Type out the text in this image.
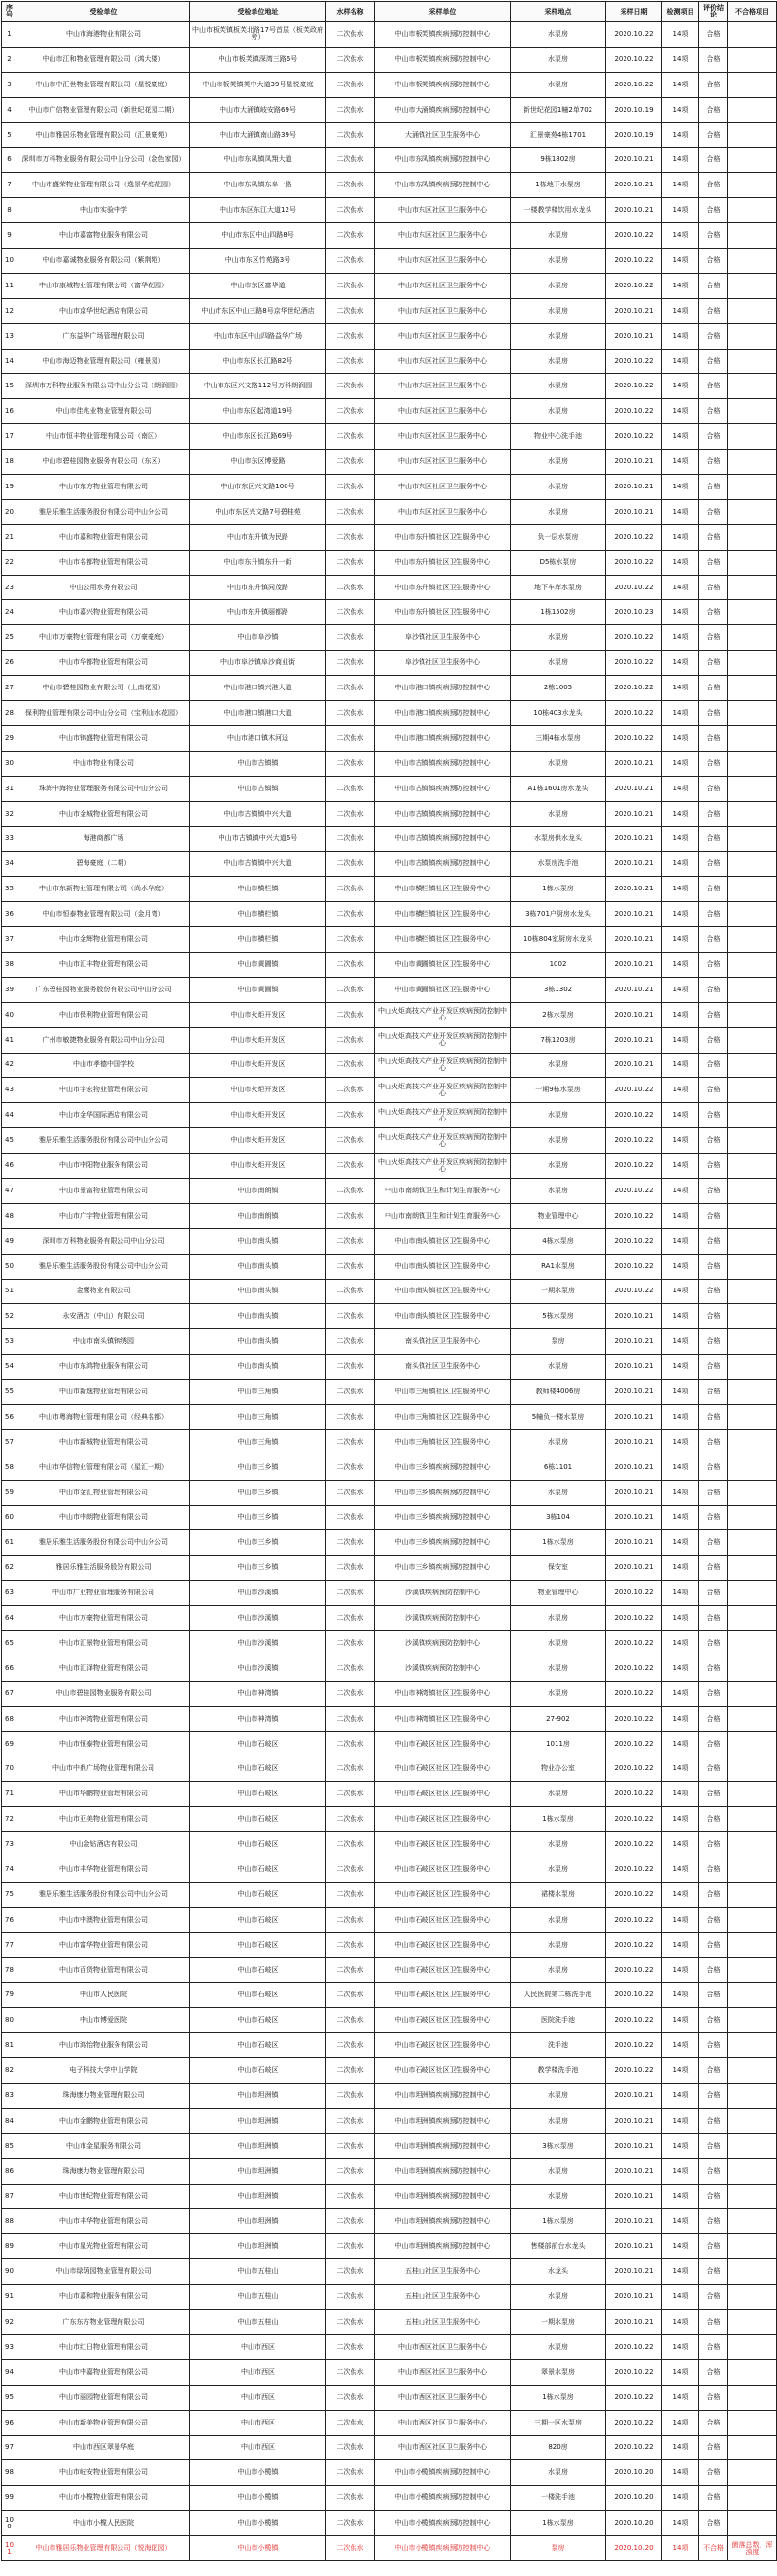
序号	受检单位	受检单位地址	水样名称	采样单位	采样地点	采样日期	检测项目	评价结论	不合格项目
1	中山市海港物业有限公司	中山市板芙镇板芙北路17号首层（板芙政府旁）	二次供水	中山市板芙镇疾病预防控制中心	水泵房	2020.10.22	14项	合格	
2	中山市江和物业管理有限公司（鸿大楼）	中山市板芙镇深湾三路6号	二次供水	中山市板芙镇疾病预防控制中心	水泵房	2020.10.22	14项	合格	
3	中山市中汇世物业管理有限公司（星悦豪庭）	中山市板芙镇芙中大道39号星悦豪庭	二次供水	中山市板芙镇疾病预防控制中心	水泵房	2020.10.22	14项	合格	
4	中山市广信物业管理有限公司（新世纪花园二期）	中山市大涌镇岐安路69号	二次供水	中山市大涌镇疾病预防控制中心	新世纪花园1幢2单702	2020.10.19	14项	合格	
5	中山市雅居乐物业管理有限公司（汇景豪苑）	中山市大涌镇南山路39号	二次供水	大涌镇社区卫生服务中心	汇景豪苑4栋1701	2020.10.19	14项	合格	
6	深圳市万科物业服务有限公司中山分公司（金色家园）	中山市东凤镇凤翔大道	二次供水	中山市东凤镇疾病预防控制中心	9栋1802房	2020.10.21	14项	合格	
7	中山市盛荣物业管理有限公司（逸景华庭花园）	中山市东凤镇东阜一路	二次供水	中山市东凤镇疾病预防控制中心	1栋地下水泵房	2020.10.21	14项	合格	
8	中山市实验中学	中山市东区东江大道12号	二次供水	中山市东区社区卫生服务中心	一楼教学楼饮用水龙头	2020.10.21	14项	合格	
9	中山市嘉富物业服务有限公司	中山市东区中山四路8号	二次供水	中山市东区社区卫生服务中心	水泵房	2020.10.22	14项	合格	
10	中山市嘉诚物业服务有限公司（紫荆苑）	中山市东区竹苑路3号	二次供水	中山市东区社区卫生服务中心	水泵房	2020.10.22	14项	合格	
11	中山市康城物业管理有限公司（富华花园）	中山市东区富华道	二次供水	中山市东区社区卫生服务中心	水泵房	2020.10.22	14项	合格	
12	中山市京华世纪酒店有限公司	中山市东区中山三路8号京华世纪酒店	二次供水	中山市东区社区卫生服务中心	水泵房	2020.10.21	14项	合格	
13	广东益华广场管理有限公司	中山市东区中山四路益华广场	二次供水	中山市东区社区卫生服务中心	水泵房	2020.10.21	14项	合格	
14	中山市海迈物业管理有限公司（雍景园）	中山市东区长江路82号	二次供水	中山市东区社区卫生服务中心	水泵房	2020.10.22	14项	合格	
15	深圳市万科物业服务有限公司中山分公司（朗润园）	中山市东区兴文路112号万科朗润园	二次供水	中山市东区社区卫生服务中心	水泵房	2020.10.22	14项	合格	
16	中山市佳兆业物业管理有限公司	中山市东区起湾道19号	二次供水	中山市东区社区卫生服务中心	水泵房	2020.10.22	14项	合格	
17	中山市恒丰物业管理有限公司（南区）	中山市东区长江路69号	二次供水	中山市东区社区卫生服务中心	物业中心洗手池	2020.10.22	14项	合格	
18	中山市碧桂园物业服务有限公司（东区）	中山市东区博爱路	二次供水	中山市东区社区卫生服务中心	水泵房	2020.10.21	14项	合格	
19	中山市东方物业管理有限公司	中山市东区兴文路100号	二次供水	中山市东区社区卫生服务中心	水泵房	2020.10.21	14项	合格	
20	雅居乐雅生活服务股份有限公司中山分公司	中山市东区兴文路7号碧桂苑	二次供水	中山市东区社区卫生服务中心	水泵房	2020.10.21	14项	合格	
21	中山市嘉和物业管理有限公司	中山市东升镇为民路	二次供水	中山市东升镇社区卫生服务中心	负一层水泵房	2020.10.22	14项	合格	
22	中山市名都物业管理有限公司	中山市东升镇东升一街	二次供水	中山市东升镇社区卫生服务中心	D5栋水泵房	2020.10.22	14项	合格	
23	中山公用水务有限公司	中山市东升镇同茂路	二次供水	中山市东升镇社区卫生服务中心	地下车库水泵房	2020.10.22	14项	合格	
24	中山市嘉兴物业管理有限公司	中山市东升镇丽都路	二次供水	中山市东升镇社区卫生服务中心	1栋1502房	2020.10.23	14项	合格	
25	中山市万豪物业管理有限公司（万豪豪庭）	中山市阜沙镇	二次供水	阜沙镇社区卫生服务中心	水泵房	2020.10.22	14项	合格	
26	中山市华都物业管理有限公司	中山市阜沙镇阜沙商业街	二次供水	阜沙镇社区卫生服务中心	水泵房	2020.10.22	14项	合格	
27	中山市碧桂园物业有限公司（上南花园）	中山市港口镇兴港大道	二次供水	中山市港口镇疾病预防控制中心	2栋1005	2020.10.22	14项	合格	
28	保利物业管理有限公司中山分公司（宝利山水花园）	中山市港口镇港口大道	二次供水	中山市港口镇疾病预防控制中心	10栋403水龙头	2020.10.22	14项	合格	
29	中山市锦盛物业管理有限公司	中山市港口镇木河迳	二次供水	中山市港口镇疾病预防控制中心	三期4栋水泵房	2020.10.22	14项	合格	
30	中山市物业有限公司	中山市古镇镇	二次供水	中山市古镇镇疾病预防控制中心	水泵房	2020.10.21	14项	合格	
31	珠海中海物业管理服务有限公司中山分公司	中山市古镇镇	二次供水	中山市古镇镇疾病预防控制中心	A1栋1601房水龙头	2020.10.21	14项	合格	
32	中山市金城物业管理有限公司	中山市古镇镇中兴大道	二次供水	中山市古镇镇疾病预防控制中心	水泵房	2020.10.21	14项	合格	
33	海港商都广场	中山市古镇镇中兴大道6号	二次供水	中山市古镇镇疾病预防控制中心	水泵房供水龙头	2020.10.21	14项	合格	
34	碧海豪庭（二期）	中山市古镇镇中兴大道	二次供水	中山市古镇镇疾病预防控制中心	水泵房洗手池	2020.10.21	14项	合格	
35	中山市东新物业管理有限公司（尚水华庭）	中山市横栏镇	二次供水	中山市横栏镇社区卫生服务中心	1栋水泵房	2020.10.21	14项	合格	
36	中山市恒泰物业管理有限公司（金月湾）	中山市横栏镇	二次供水	中山市横栏镇社区卫生服务中心	3栋701户厨房水龙头	2020.10.21	14项	合格	
37	中山市金辉物业管理有限公司	中山市横栏镇	二次供水	中山市横栏镇社区卫生服务中心	10栋804室厨房水龙头	2020.10.21	14项	合格	
38	中山市汇丰物业管理有限公司	中山市黄圃镇	二次供水	中山市黄圃镇社区卫生服务中心	1002	2020.10.21	14项	合格	
39	广东碧桂园物业服务股份有限公司中山分公司	中山市黄圃镇	二次供水	中山市黄圃镇社区卫生服务中心	3栋1302	2020.10.21	14项	合格	
40	中山市保利物业管理有限公司	中山市火炬开发区	二次供水	中山火炬高技术产业开发区疾病预防控制中心	2栋水泵房	2020.10.21	14项	合格	
41	广州市敏捷物业服务有限公司中山分公司	中山市火炬开发区	二次供水	中山火炬高技术产业开发区疾病预防控制中心	7栋1203房	2020.10.21	14项	合格	
42	中山市孝德中国学校	中山市火炬开发区	二次供水	中山火炬高技术产业开发区疾病预防控制中心	水泵房	2020.10.21	14项	合格	
43	中山市宇宏物业管理有限公司	中山市火炬开发区	二次供水	中山火炬高技术产业开发区疾病预防控制中心	一期9栋水泵房	2020.10.22	14项	合格	
44	中山市金华国际酒店有限公司	中山市火炬开发区	二次供水	中山火炬高技术产业开发区疾病预防控制中心	水泵房	2020.10.22	14项	合格	
45	雅居乐雅生活服务股份有限公司中山分公司	中山市火炬开发区	二次供水	中山火炬高技术产业开发区疾病预防控制中心	水泵房	2020.10.22	14项	合格	
46	中山市中阳物业服务有限公司	中山市火炬开发区	二次供水	中山火炬高技术产业开发区疾病预防控制中心	水泵房	2020.10.22	14项	合格	
47	中山市景富物业管理有限公司	中山市南朗镇	二次供水	中山市南朗镇卫生和计划生育服务中心	水泵房	2020.10.22	14项	合格	
48	中山市广宇物业管理有限公司	中山市南朗镇	二次供水	中山市南朗镇卫生和计划生育服务中心	物业管理中心	2020.10.22	14项	合格	
49	深圳市万科物业服务有限公司中山分公司	中山市南头镇	二次供水	中山市南头镇社区卫生服务中心	4栋水泵房	2020.10.22	14项	合格	
50	雅居乐雅生活服务股份有限公司中山分公司	中山市南头镇	二次供水	中山市南头镇社区卫生服务中心	RA1水泵房	2020.10.22	14项	合格	
51	金鹰物业有限公司	中山市南头镇	二次供水	中山市南头镇社区卫生服务中心	一期水泵房	2020.10.22	14项	合格	
52	永安酒店（中山）有限公司	中山市南头镇	二次供水	中山市南头镇社区卫生服务中心	5栋水泵房	2020.10.21	14项	合格	
53	中山市南头镇锦绣园	中山市南头镇	二次供水	南头镇社区卫生服务中心	泵房	2020.10.21	14项	合格	
54	中山市东鸿物业服务有限公司	中山市南头镇	二次供水	南头镇社区卫生服务中心	水泵房	2020.10.21	14项	合格	
55	中山市新逸物业管理有限公司	中山市三角镇	二次供水	中山市三角镇社区卫生服务中心	教师楼4006房	2020.10.21	14项	合格	
56	中山市粤海物业管理有限公司（经典名都）	中山市三角镇	二次供水	中山市三角镇社区卫生服务中心	5幢负一楼水泵房	2020.10.21	14项	合格	
57	中山市新城物业管理有限公司	中山市三角镇	二次供水	中山市三角镇社区卫生服务中心	水泵房	2020.10.21	14项	合格	
58	中山市华信物业管理有限公司（星汇一期）	中山市三乡镇	二次供水	中山市三乡镇疾病预防控制中心	6栋1101	2020.10.21	14项	合格	
59	中山市金汇物业管理有限公司	中山市三乡镇	二次供水	中山市三乡镇疾病预防控制中心	水泵房	2020.10.21	14项	合格	
60	中山市中朗物业管理有限公司	中山市三乡镇	二次供水	中山市三乡镇疾病预防控制中心	3栋104	2020.10.21	14项	合格	
61	雅居乐雅生活服务股份有限公司中山分公司	中山市三乡镇	二次供水	中山市三乡镇疾病预防控制中心	1栋水泵房	2020.10.21	14项	合格	
62	雅居乐雅生活服务股份有限公司	中山市三乡镇	二次供水	中山市三乡镇疾病预防控制中心	保安室	2020.10.21	14项	合格	
63	中山市广业物业管理服务有限公司	中山市沙溪镇	二次供水	沙溪镇疾病预防控制中心	物业管理中心	2020.10.22	14项	合格	
64	中山市万豪物业管理有限公司	中山市沙溪镇	二次供水	沙溪镇疾病预防控制中心	水泵房	2020.10.22	14项	合格	
65	中山市汇景物业管理有限公司	中山市沙溪镇	二次供水	沙溪镇疾病预防控制中心	水泵房	2020.10.22	14项	合格	
66	中山市汇泽物业管理有限公司	中山市沙溪镇	二次供水	沙溪镇疾病预防控制中心	水泵房	2020.10.22	14项	合格	
67	中山市碧桂园物业服务有限公司	中山市神湾镇	二次供水	中山市神湾镇社区卫生服务中心	水泵房	2020.10.22	14项	合格	
68	中山市神湾物业管理有限公司	中山市神湾镇	二次供水	中山市神湾镇社区卫生服务中心	27-902	2020.10.22	14项	合格	
69	中山市恒泰物业管理有限公司	中山市石岐区	二次供水	中山市石岐区社区卫生服务中心	1011房	2020.10.22	14项	合格	
70	中山市中鼎广场物业管理有限公司	中山市石岐区	二次供水	中山市石岐区社区卫生服务中心	物业办公室	2020.10.22	14项	合格	
71	中山市华鹏物业管理有限公司	中山市石岐区	二次供水	中山市石岐区社区卫生服务中心	水泵房	2020.10.22	14项	合格	
72	中山市亚美物业管理有限公司	中山市石岐区	二次供水	中山市石岐区社区卫生服务中心	1栋水泵房	2020.10.22	14项	合格	
73	中山金钻酒店有限公司	中山市石岐区	二次供水	中山市石岐区社区卫生服务中心	水泵房	2020.10.22	14项	合格	
74	中山市丰华物业管理有限公司	中山市石岐区	二次供水	中山市石岐区社区卫生服务中心	水泵房	2020.10.22	14项	合格	
75	雅居乐雅生活服务股份有限公司中山分公司	中山市石岐区	二次供水	中山市石岐区社区卫生服务中心	裙楼水泵房	2020.10.22	14项	合格	
76	中山市中澳物业管理有限公司	中山市石岐区	二次供水	中山市石岐区社区卫生服务中心	水泵房	2020.10.22	14项	合格	
77	中山市富华物业管理有限公司	中山市石岐区	二次供水	中山市石岐区社区卫生服务中心	水泵房	2020.10.22	14项	合格	
78	中山市百货物业管理有限公司	中山市石岐区	二次供水	中山市石岐区社区卫生服务中心	水泵房	2020.10.22	14项	合格	
79	中山市人民医院	中山市石岐区	二次供水	中山市石岐区社区卫生服务中心	人民医院第二栋洗手池	2020.10.22	14项	合格	
80	中山市博爱医院	中山市石岐区	二次供水	中山市石岐区社区卫生服务中心	医院洗手池	2020.10.22	14项	合格	
81	中山市鸿怡物业服务有限公司	中山市石岐区	二次供水	中山市石岐区社区卫生服务中心	洗手池	2020.10.22	14项	合格	
82	电子科技大学中山学院	中山市石岐区	二次供水	中山市石岐区社区卫生服务中心	教学楼洗手池	2020.10.22	14项	合格	
83	珠海康力物业管理有限公司	中山市坦洲镇	二次供水	中山市坦洲镇疾病预防控制中心	水泵房	2020.10.21	14项	合格	
84	中山市金鹏物业管理有限公司	中山市坦洲镇	二次供水	中山市坦洲镇疾病预防控制中心	水泵房	2020.10.21	14项	合格	
85	中山市金星服务有限公司	中山市坦洲镇	二次供水	中山市坦洲镇疾病预防控制中心	3栋水泵房	2020.10.21	14项	合格	
86	珠海康力物业管理有限公司	中山市坦洲镇	二次供水	中山市坦洲镇疾病预防控制中心	水泵房	2020.10.21	14项	合格	
87	中山市世纪物业管理有限公司	中山市坦洲镇	二次供水	中山市坦洲镇疾病预防控制中心	水泵房	2020.10.21	14项	合格	
88	中山市丰华物业管理有限公司	中山市坦洲镇	二次供水	中山市坦洲镇疾病预防控制中心	1栋水泵房	2020.10.21	14项	合格	
89	中山市星光物业管理有限公司	中山市坦洲镇	二次供水	中山市坦洲镇疾病预防控制中心	售楼部前台水龙头	2020.10.21	14项	合格	
90	中山市绿荫园物业管理有限公司	中山市五桂山	二次供水	五桂山社区卫生服务中心	水龙头	2020.10.21	14项	合格	
91	中山市嘉和物业服务有限公司	中山市五桂山	二次供水	五桂山社区卫生服务中心	水泵房	2020.10.21	14项	合格	
92	广东东方物业管理有限公司	中山市五桂山	二次供水	五桂山社区卫生服务中心	一期水泵房	2020.10.21	14项	合格	
93	中山市红日物业管理有限公司	中山市西区	二次供水	中山市西区社区卫生服务中心	水泵房	2020.10.22	14项	合格	
94	中山市中嘉物业管理有限公司	中山市西区	二次供水	中山市西区社区卫生服务中心	翠景水泵房	2020.10.22	14项	合格	
95	中山市丽园物业管理有限公司	中山市西区	二次供水	中山市西区社区卫生服务中心	1栋水泵房	2020.10.22	14项	合格	
96	中山市新美物业管理有限公司	中山市西区	二次供水	中山市西区社区卫生服务中心	三期一区水泵房	2020.10.22	14项	合格	
97	中山市西区翠景华庭	中山市西区	二次供水	中山市西区社区卫生服务中心	820房	2020.10.22	14项	合格	
98	中山市岐安物业管理有限公司	中山市小榄镇	二次供水	中山市小榄镇疾病预防控制中心	水泵房	2020.10.20	14项	合格	
99	中山市小榄物业管理有限公司	中山市小榄镇	二次供水	中山市小榄镇疾病预防控制中心	一楼洗手池	2020.10.20	14项	合格	
100	中山市小榄人民医院	中山市小榄镇	二次供水	中山市小榄镇疾病预防控制中心	1栋水泵房	2020.10.20	14项	合格	
101	中山市雅居乐物业管理有限公司（悦海花园）	中山市小榄镇	二次供水	中山市小榄镇疾病预防控制中心	泵房	2020.10.20	14项	不合格	菌落总数、浑浊度
